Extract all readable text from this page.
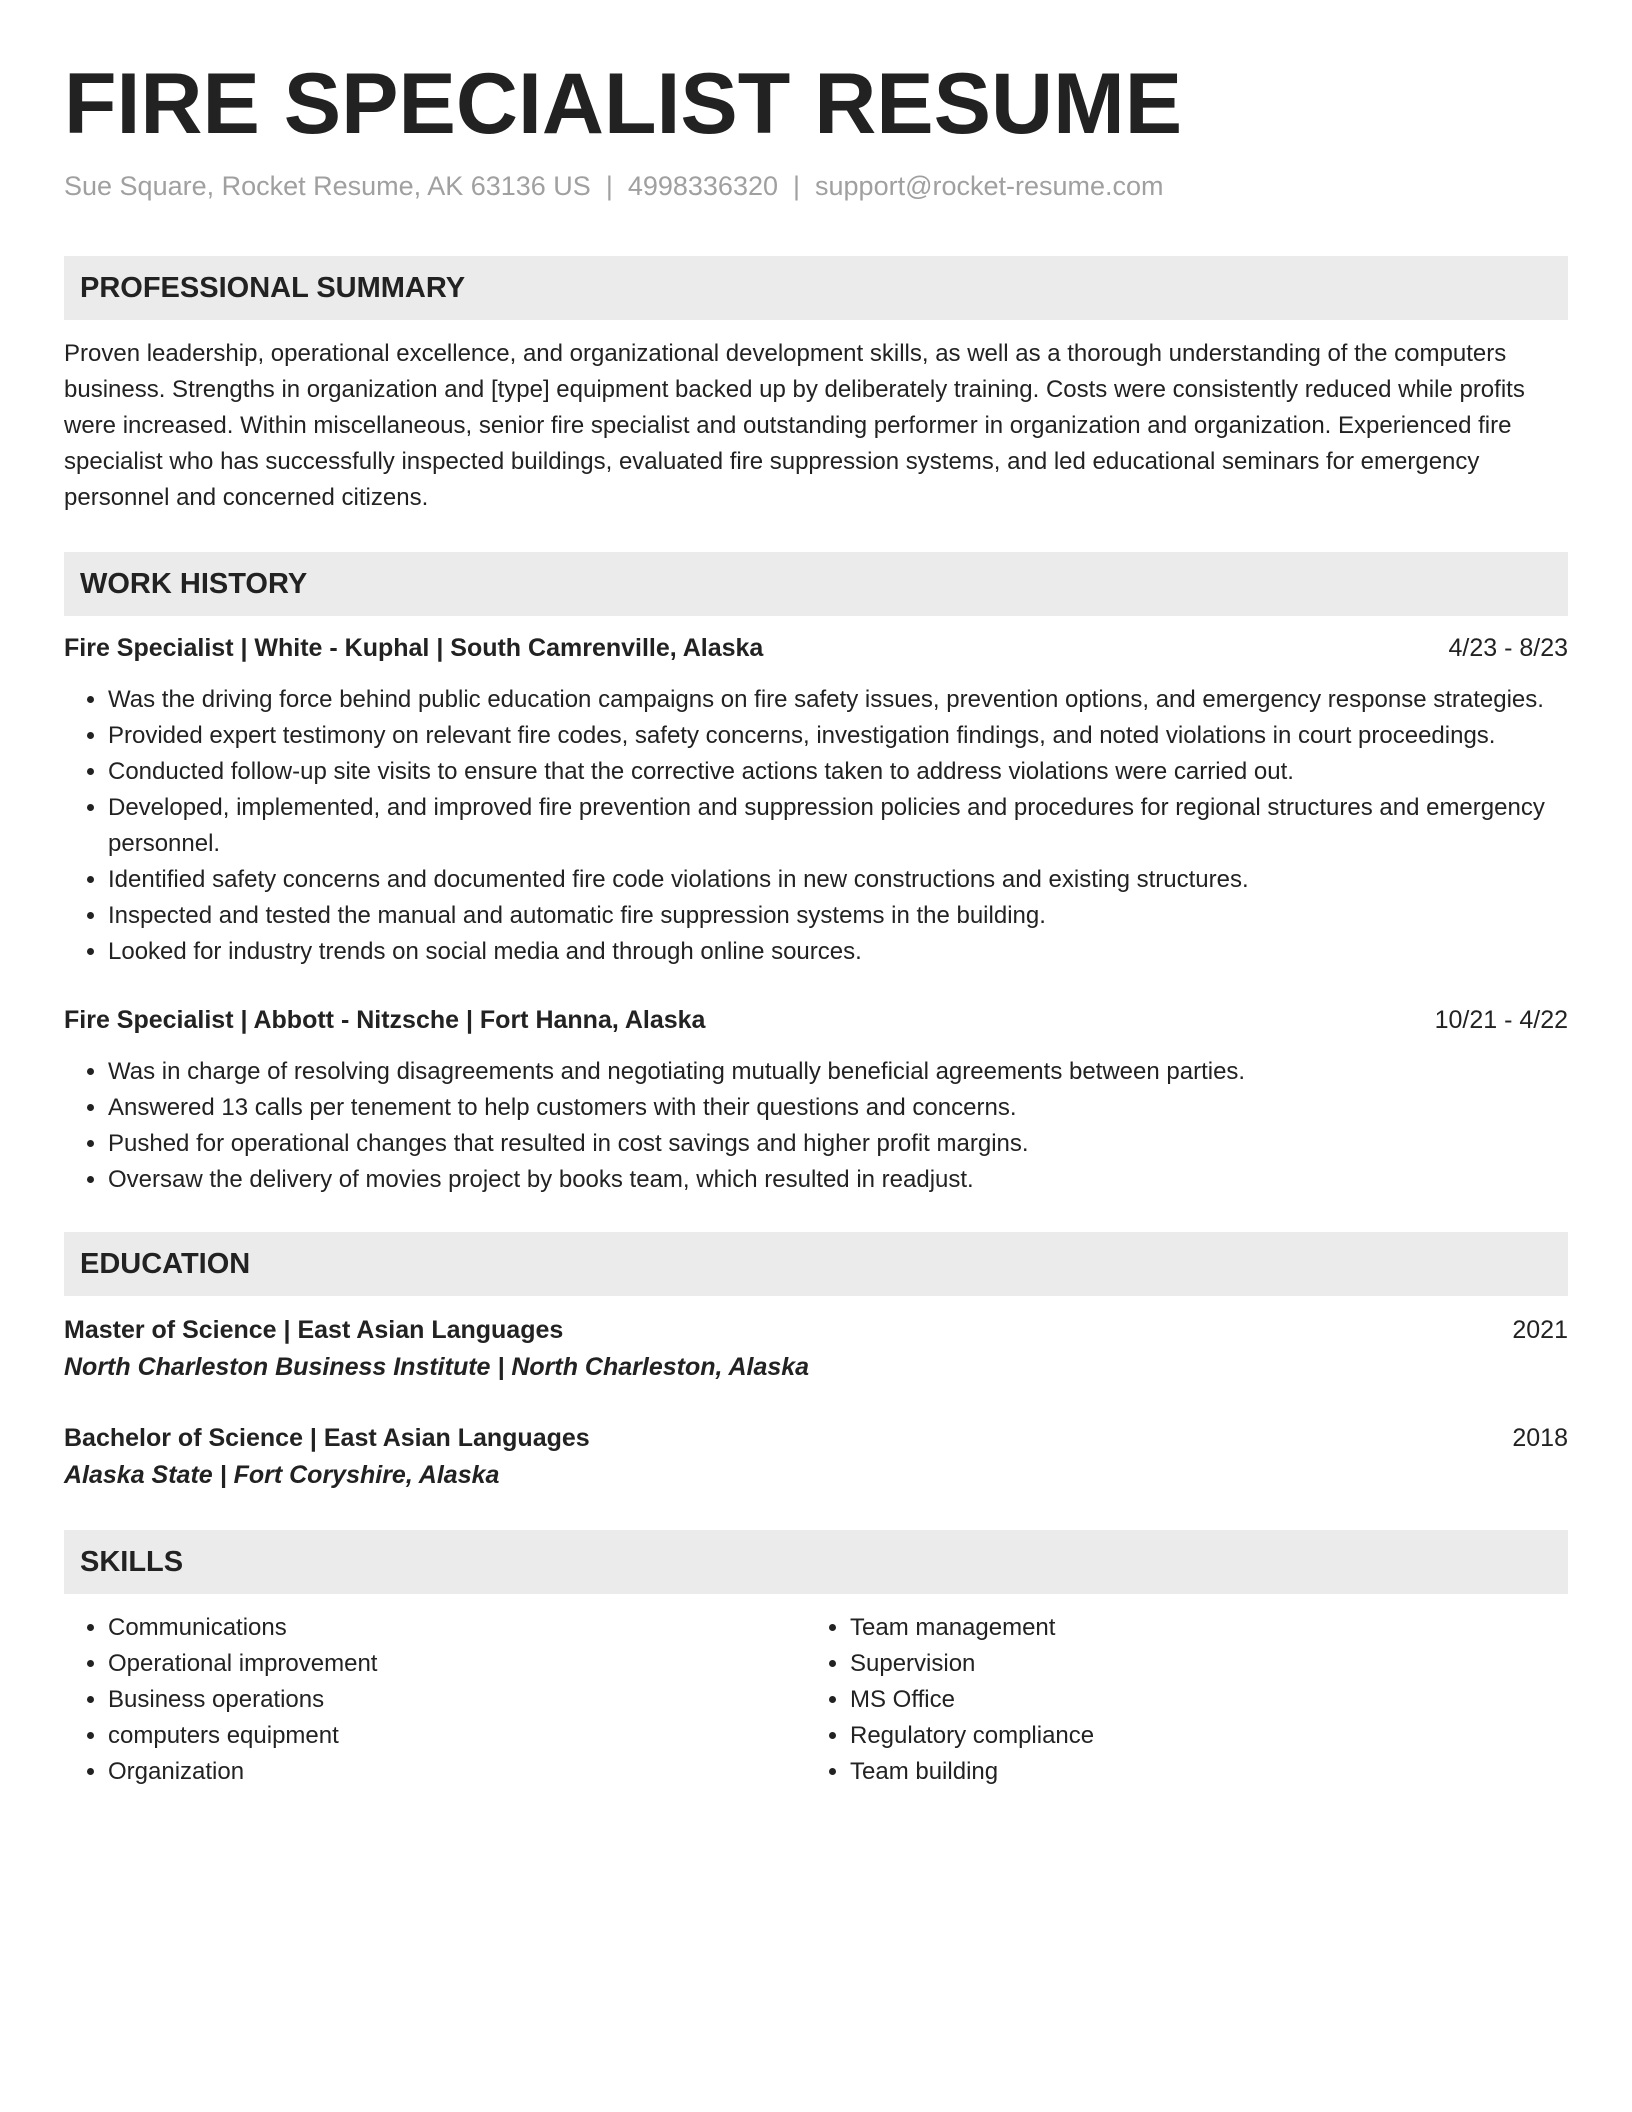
FIRE SPECIALIST RESUME
Sue Square, Rocket Resume, AK 63136 US | 4998336320 | support@rocket-resume.com
PROFESSIONAL SUMMARY
Proven leadership, operational excellence, and organizational development skills, as well as a thorough understanding of the computers business. Strengths in organization and [type] equipment backed up by deliberately training. Costs were consistently reduced while profits were increased. Within miscellaneous, senior fire specialist and outstanding performer in organization and organization. Experienced fire specialist who has successfully inspected buildings, evaluated fire suppression systems, and led educational seminars for emergency personnel and concerned citizens.
WORK HISTORY
Fire Specialist | White - Kuphal | South Camrenville, Alaska	4/23 - 8/23
• Was the driving force behind public education campaigns on fire safety issues, prevention options, and emergency response strategies.
• Provided expert testimony on relevant fire codes, safety concerns, investigation findings, and noted violations in court proceedings.
• Conducted follow-up site visits to ensure that the corrective actions taken to address violations were carried out.
• Developed, implemented, and improved fire prevention and suppression policies and procedures for regional structures and emergency personnel.
• Identified safety concerns and documented fire code violations in new constructions and existing structures.
• Inspected and tested the manual and automatic fire suppression systems in the building.
• Looked for industry trends on social media and through online sources.
Fire Specialist | Abbott - Nitzsche | Fort Hanna, Alaska	10/21 - 4/22
• Was in charge of resolving disagreements and negotiating mutually beneficial agreements between parties.
• Answered 13 calls per tenement to help customers with their questions and concerns.
• Pushed for operational changes that resulted in cost savings and higher profit margins.
• Oversaw the delivery of movies project by books team, which resulted in readjust.
EDUCATION
Master of Science | East Asian Languages	2021
North Charleston Business Institute | North Charleston, Alaska
Bachelor of Science | East Asian Languages	2018
Alaska State | Fort Coryshire, Alaska
SKILLS
• Communications
• Operational improvement
• Business operations
• computers equipment
• Organization
• Team management
• Supervision
• MS Office
• Regulatory compliance
• Team building
